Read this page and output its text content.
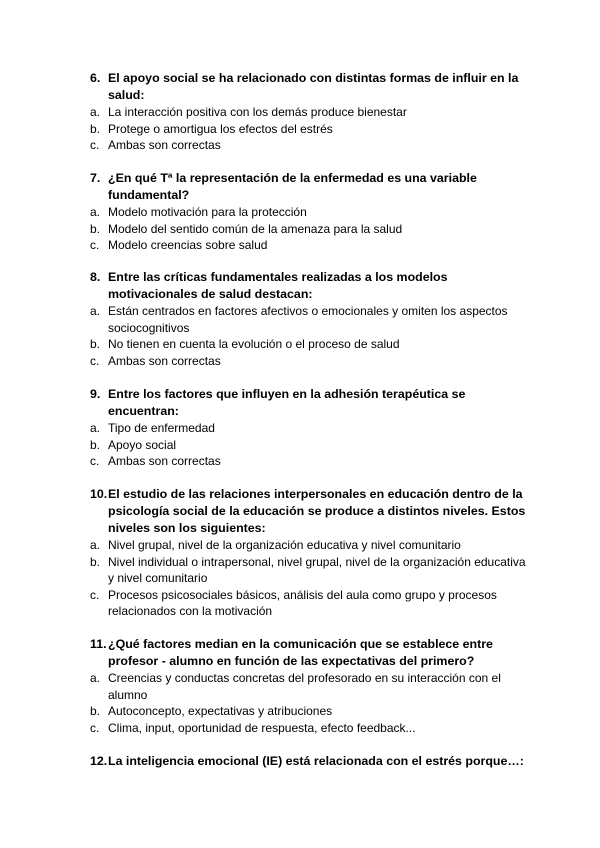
6. El apoyo social se ha relacionado con distintas formas de influir en la salud:
a. La interacción positiva con los demás produce bienestar
b. Protege o amortigua los efectos del estrés
c. Ambas son correctas
7. ¿En qué Tª la representación de la enfermedad es una variable fundamental?
a. Modelo motivación para la protección
b. Modelo del sentido común de la amenaza para la salud
c. Modelo creencias sobre salud
8. Entre las críticas fundamentales realizadas a los modelos motivacionales de salud destacan:
a. Están centrados en factores afectivos o emocionales y omiten los aspectos sociocognitivos
b. No tienen en cuenta la evolución o el proceso de salud
c. Ambas son correctas
9. Entre los factores que influyen en la adhesión terapéutica se encuentran:
a. Tipo de enfermedad
b. Apoyo social
c. Ambas son correctas
10. El estudio de las relaciones interpersonales en educación dentro de la psicología social de la educación se produce a distintos niveles. Estos niveles son los siguientes:
a. Nivel grupal, nivel de la organización educativa y nivel comunitario
b. Nivel individual o intrapersonal, nivel grupal, nivel de la organización educativa y nivel comunitario
c. Procesos psicosociales básicos, análisis del aula como grupo y procesos relacionados con la motivación
11. ¿Qué factores median en la comunicación que se establece entre profesor - alumno en función de las expectativas del primero?
a. Creencias y conductas concretas del profesorado en su interacción con el alumno
b. Autoconcepto, expectativas y atribuciones
c. Clima, input, oportunidad de respuesta, efecto feedback...
12. La inteligencia emocional (IE) está relacionada con el estrés porque…:
